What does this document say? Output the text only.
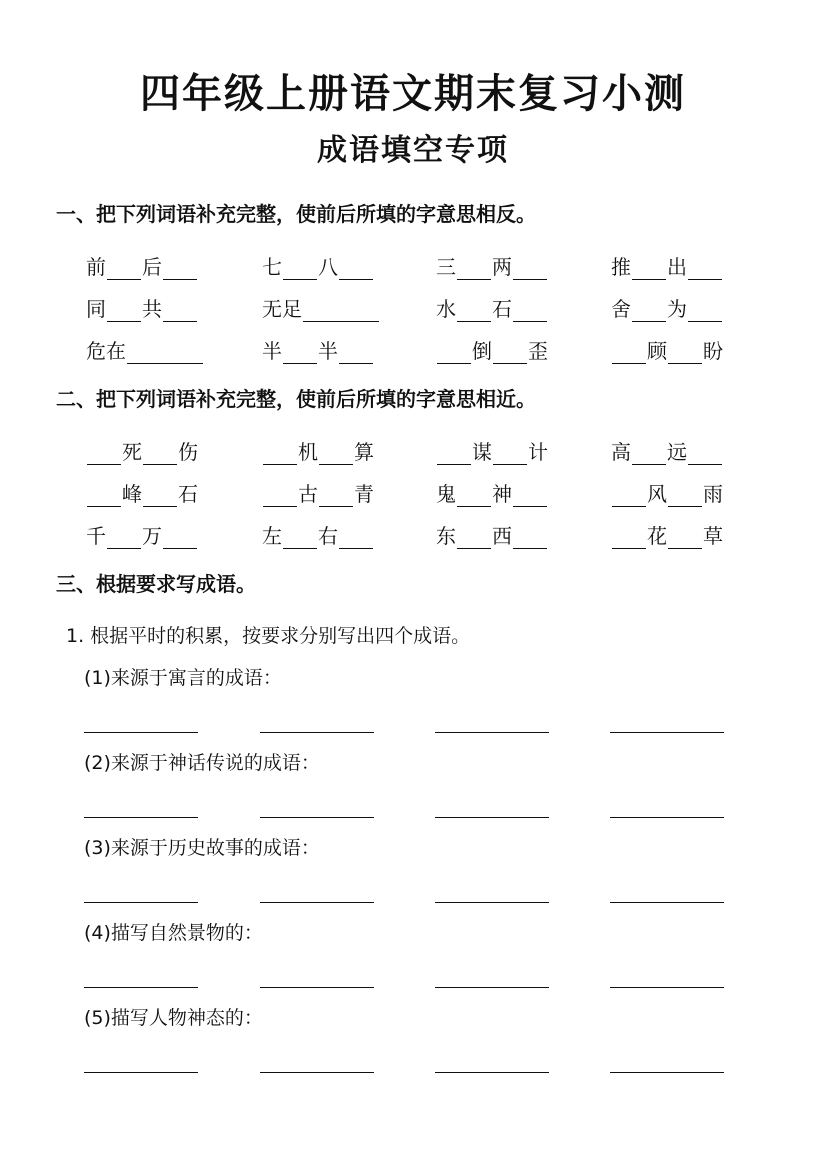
四年级上册语文期末复习小测
成语填空专项
一、把下列词语补充完整，使前后所填的字意思相反。
前 后	七 八	三 两	推 出
同 共	无 足	水 石	舍 为
危 在	半 半	倒 歪	顾 盼
二、把下列词语补充完整，使前后所填的字意思相近。
死 伤	机 算	谋 计	高 远
峰 石	古 青	鬼 神	风 雨
千 万	左 右	东 西	花 草
三、根据要求写成语。
1. 根据平时的积累，按要求分别写出四个成语。
(1)来源于寓言的成语：
(2)来源于神话传说的成语：
(3)来源于历史故事的成语：
(4)描写自然景物的：
(5)描写人物神态的：
